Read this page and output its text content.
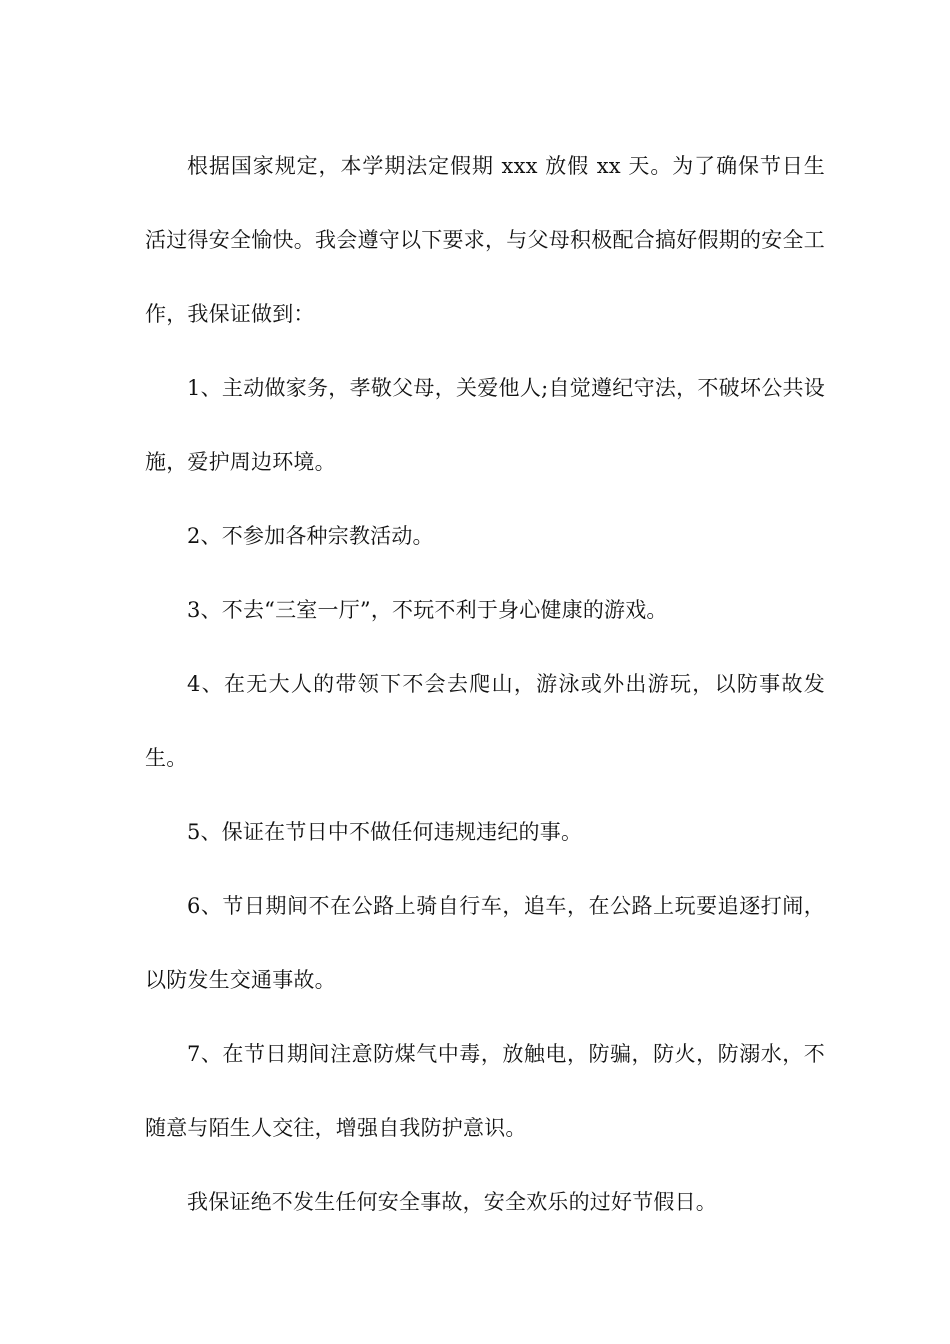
根据国家规定，本学期法定假期 xxx 放假 xx 天。为了确保节日生活过得安全愉快。我会遵守以下要求，与父母积极配合搞好假期的安全工作，我保证做到：

1、主动做家务，孝敬父母，关爱他人;自觉遵纪守法，不破坏公共设施，爱护周边环境。

2、不参加各种宗教活动。

3、不去“三室一厅”，不玩不利于身心健康的游戏。

4、在无大人的带领下不会去爬山，游泳或外出游玩，以防事故发生。

5、保证在节日中不做任何违规违纪的事。

6、节日期间不在公路上骑自行车，追车，在公路上玩要追逐打闹，以防发生交通事故。

7、在节日期间注意防煤气中毒，放触电，防骗，防火，防溺水，不随意与陌生人交往，增强自我防护意识。

我保证绝不发生任何安全事故，安全欢乐的过好节假日。
